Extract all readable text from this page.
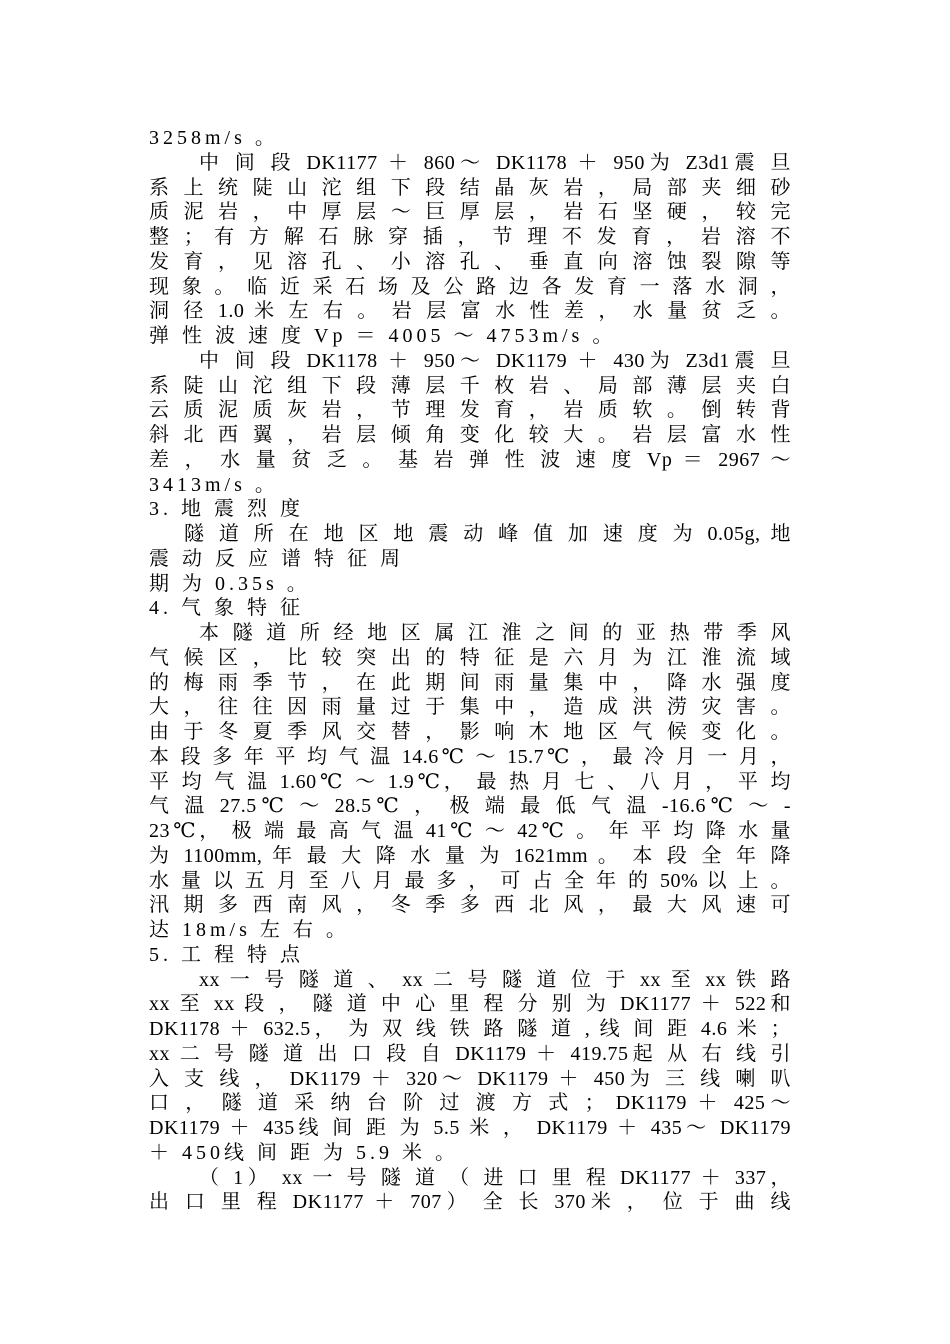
3258m/s 。
中 间 段 DK1177 ＋ 860～ DK1178 ＋ 950为 Z3d1震 旦
系 上 统 陡 山 沱 组 下 段 结 晶 灰 岩 ， 局 部 夹 细 砂
质 泥 岩 ， 中 厚 层 ～ 巨 厚 层 ， 岩 石 坚 硬 ， 较 完
整 ； 有 方 解 石 脉 穿 插 ， 节 理 不 发 育 ， 岩 溶 不
发 育 ， 见 溶 孔 、 小 溶 孔 、 垂 直 向 溶 蚀 裂 隙 等
现 象 。 临 近 采 石 场 及 公 路 边 各 发 育 一 落 水 洞 ，
洞 径 1.0 米 左 右 。 岩 层 富 水 性 差 ， 水 量 贫 乏 。
弹 性 波 速 度 Vp ＝ 4005 ～ 4753m/s 。
中 间 段 DK1178 ＋ 950～ DK1179 ＋ 430为 Z3d1震 旦
系 陡 山 沱 组 下 段 薄 层 千 枚 岩 、 局 部 薄 层 夹 白
云 质 泥 质 灰 岩 ， 节 理 发 育 ， 岩 质 软 。 倒 转 背
斜 北 西 翼 ， 岩 层 倾 角 变 化 较 大 。 岩 层 富 水 性
差 ， 水 量 贫 乏 。 基 岩 弹 性 波 速 度 Vp ＝ 2967 ～
3413m/s 。
3. 地 震 烈 度
隧 道 所 在 地 区 地 震 动 峰 值 加 速 度 为 0.05g, 地
震 动 反 应 谱 特 征 周
期 为 0.35s 。
4. 气 象 特 征
本 隧 道 所 经 地 区 属 江 淮 之 间 的 亚 热 带 季 风
气 候 区 ， 比 较 突 出 的 特 征 是 六 月 为 江 淮 流 域
的 梅 雨 季 节 ， 在 此 期 间 雨 量 集 中 ， 降 水 强 度
大 ， 往 往 因 雨 量 过 于 集 中 ， 造 成 洪 涝 灾 害 。
由 于 冬 夏 季 风 交 替 ， 影 响 木 地 区 气 候 变 化 。
本 段 多 年 平 均 气 温 14.6℃ ～ 15.7℃ ， 最 冷 月 一 月 ，
平 均 气 温 1.60℃ ～ 1.9℃， 最 热 月 七 、 八 月 ， 平 均
气 温 27.5℃ ～ 28.5℃ ， 极 端 最 低 气 温 -16.6℃ ～ -
23℃， 极 端 最 高 气 温 41℃ ～ 42℃ 。 年 平 均 降 水 量
为 1100mm, 年 最 大 降 水 量 为 1621mm 。 本 段 全 年 降
水 量 以 五 月 至 八 月 最 多 ， 可 占 全 年 的 50% 以 上 。
汛 期 多 西 南 风 ， 冬 季 多 西 北 风 ， 最 大 风 速 可
达 18m/s 左 右 。
5. 工 程 特 点
xx 一 号 隧 道 、 xx 二 号 隧 道 位 于 xx 至 xx 铁 路
xx 至 xx 段 ， 隧 道 中 心 里 程 分 别 为 DK1177 ＋ 522和
DK1178 ＋ 632.5， 为 双 线 铁 路 隧 道 , 线 间 距 4.6 米 ；
xx 二 号 隧 道 出 口 段 自 DK1179 ＋ 419.75起 从 右 线 引
入 支 线 ， DK1179 ＋ 320～ DK1179 ＋ 450为 三 线 喇 叭
口 ， 隧 道 采 纳 台 阶 过 渡 方 式 ； DK1179 ＋ 425～
DK1179 ＋ 435线 间 距 为 5.5 米 ， DK1179 ＋ 435～ DK1179
＋ 450线 间 距 为 5.9 米 。
（ 1） xx 一 号 隧 道 （ 进 口 里 程 DK1177 ＋ 337，
出 口 里 程 DK1177 ＋ 707） 全 长 370米 ， 位 于 曲 线
